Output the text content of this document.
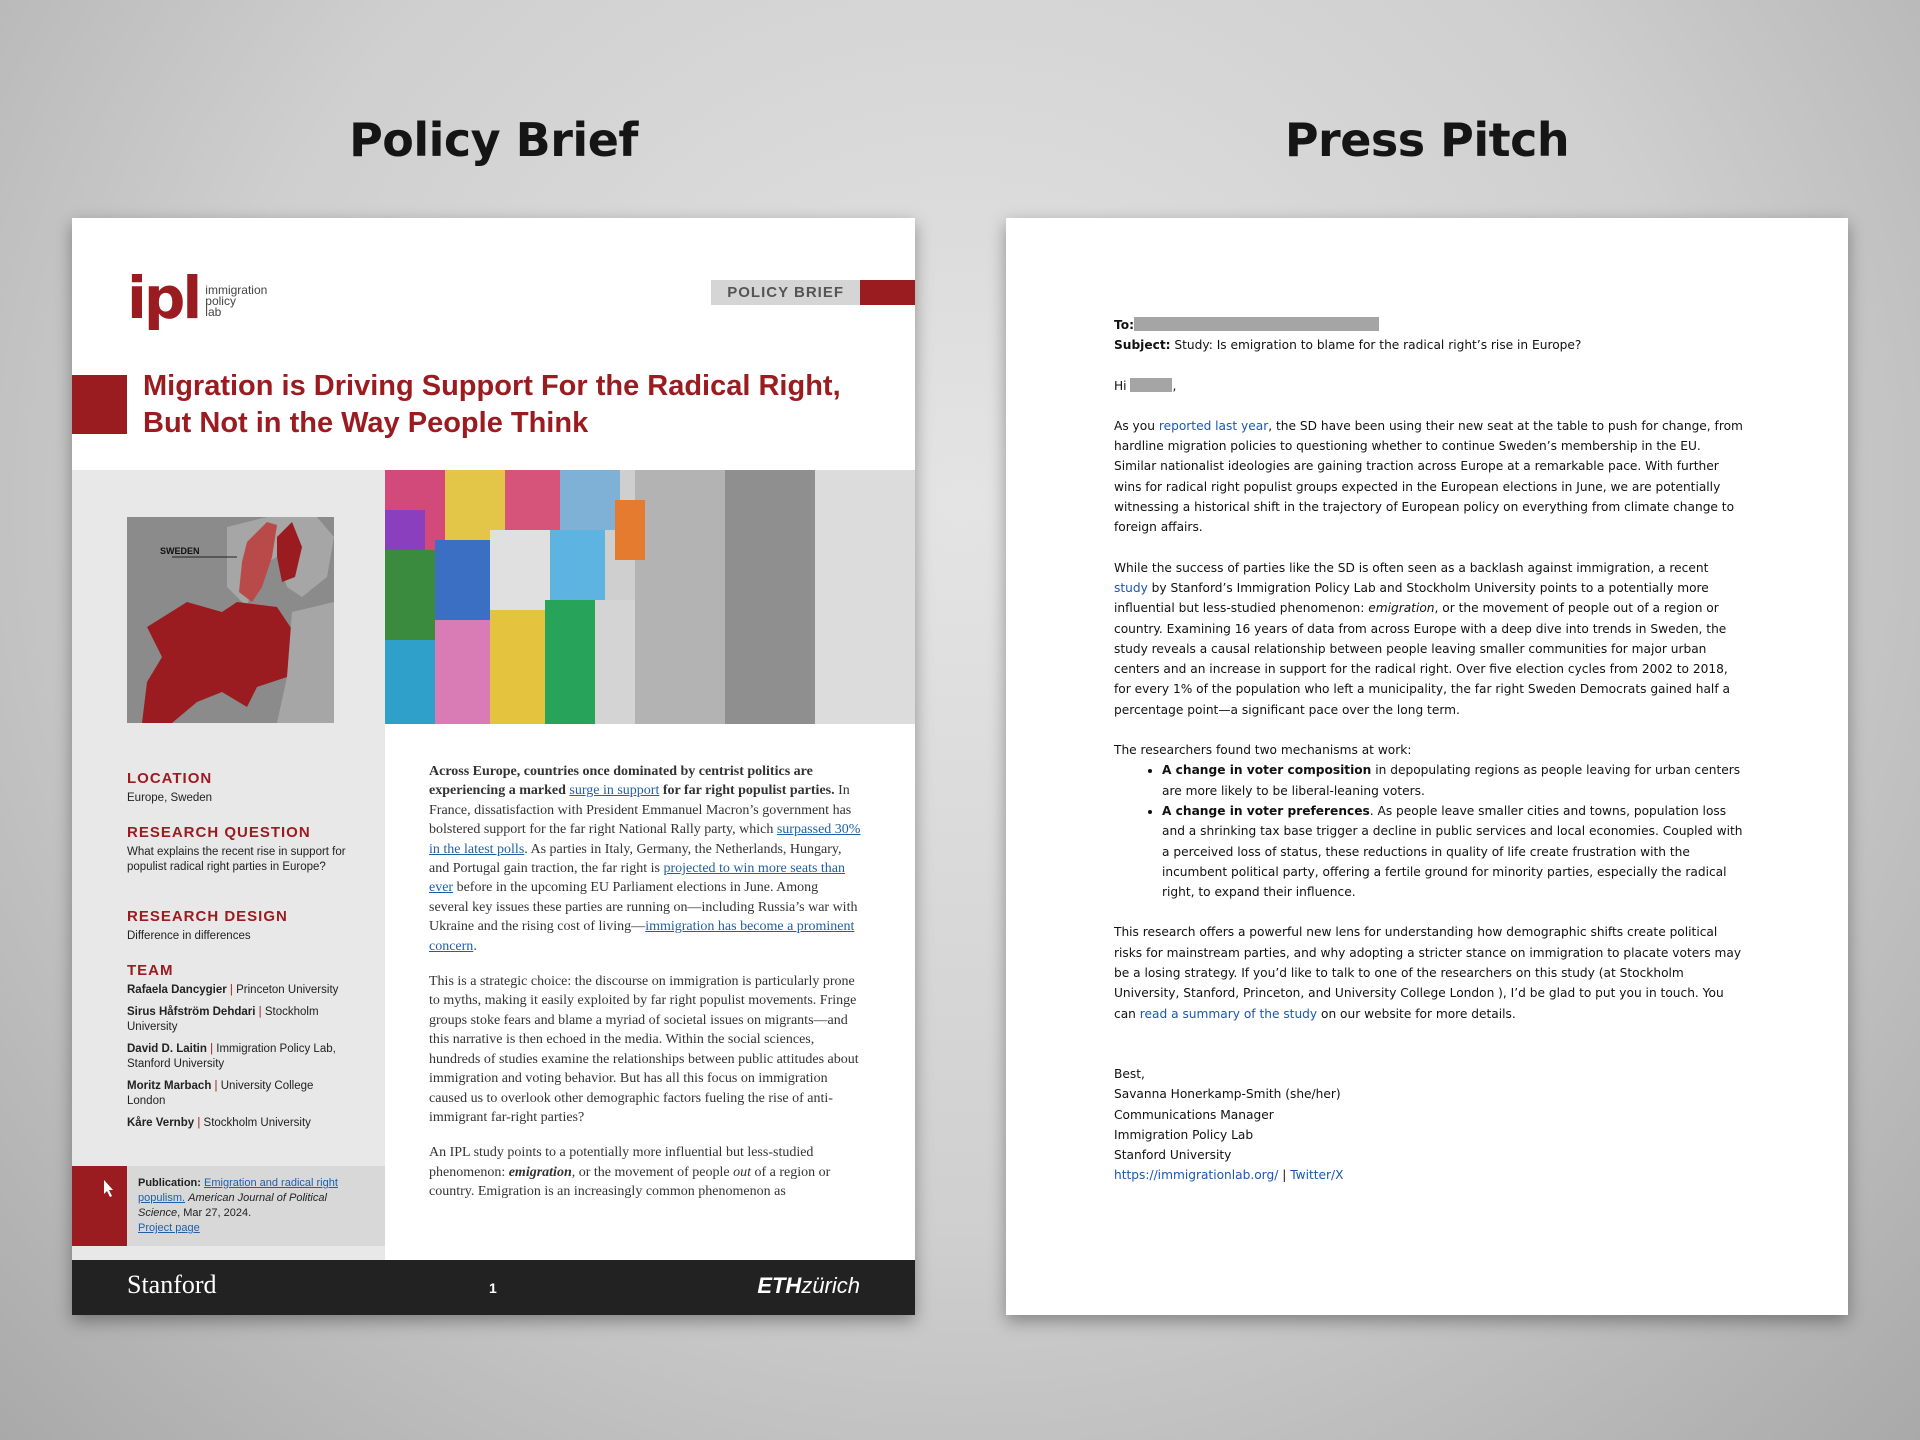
Policy Brief	Press Pitch
ipl immigration
policy
lab
POLICY BRIEF
Migration is Driving Support For the Radical Right, But Not in the Way People Think
SWEDEN
LOCATION
Europe, Sweden
RESEARCH QUESTION
What explains the recent rise in support for populist radical right parties in Europe?
RESEARCH DESIGN
Difference in differences
TEAM
Rafaela Dancygier | Princeton University
Sirus Håfström Dehdari | Stockholm University
David D. Laitin | Immigration Policy Lab, Stanford University
Moritz Marbach | University College London
Kåre Vernby | Stockholm University
Publication: Emigration and radical right populism. American Journal of Political Science, Mar 27, 2024.
Project page

Across Europe, countries once dominated by centrist politics are experiencing a marked surge in support for far right populist parties. In France, dissatisfaction with President Emmanuel Macron’s government has bolstered support for the far right National Rally party, which surpassed 30% in the latest polls. As parties in Italy, Germany, the Netherlands, Hungary, and Portugal gain traction, the far right is projected to win more seats than ever before in the upcoming EU Parliament elections in June. Among several key issues these parties are running on—including Russia’s war with Ukraine and the rising cost of living—immigration has become a prominent concern.

This is a strategic choice: the discourse on immigration is particularly prone to myths, making it easily exploited by far right populist movements. Fringe groups stoke fears and blame a myriad of societal issues on migrants—and this narrative is then echoed in the media. Within the social sciences, hundreds of studies examine the relationships between public attitudes about immigration and voting behavior. But has all this focus on immigration caused us to overlook other demographic factors fueling the rise of anti-immigrant far-right parties?

An IPL study points to a potentially more influential but less-studied phenomenon: emigration, or the movement of people out of a region or country. Emigration is an increasingly common phenomenon as

Stanford	1	ETHzürich
To:
Subject: Study: Is emigration to blame for the radical right’s rise in Europe?

Hi	,

As you reported last year, the SD have been using their new seat at the table to push for change, from hardline migration policies to questioning whether to continue Sweden’s membership in the EU. Similar nationalist ideologies are gaining traction across Europe at a remarkable pace. With further wins for radical right populist groups expected in the European elections in June, we are potentially witnessing a historical shift in the trajectory of European policy on everything from climate change to foreign affairs.

While the success of parties like the SD is often seen as a backlash against immigration, a recent study by Stanford’s Immigration Policy Lab and Stockholm University points to a potentially more influential but less-studied phenomenon: emigration, or the movement of people out of a region or country. Examining 16 years of data from across Europe with a deep dive into trends in Sweden, the study reveals a causal relationship between people leaving smaller communities for major urban centers and an increase in support for the radical right. Over five election cycles from 2002 to 2018, for every 1% of the population who left a municipality, the far right Sweden Democrats gained half a percentage point—a significant pace over the long term.

The researchers found two mechanisms at work:
• A change in voter composition in depopulating regions as people leaving for urban centers are more likely to be liberal-leaning voters.
• A change in voter preferences. As people leave smaller cities and towns, population loss and a shrinking tax base trigger a decline in public services and local economies. Coupled with a perceived loss of status, these reductions in quality of life create frustration with the incumbent political party, offering a fertile ground for minority parties, especially the radical right, to expand their influence.

This research offers a powerful new lens for understanding how demographic shifts create political risks for mainstream parties, and why adopting a stricter stance on immigration to placate voters may be a losing strategy. If you’d like to talk to one of the researchers on this study (at Stockholm University, Stanford, Princeton, and University College London ), I’d be glad to put you in touch. You can read a summary of the study on our website for more details.

Best,
Savanna Honerkamp-Smith (she/her)
Communications Manager
Immigration Policy Lab
Stanford University
https://immigrationlab.org/ | Twitter/X
